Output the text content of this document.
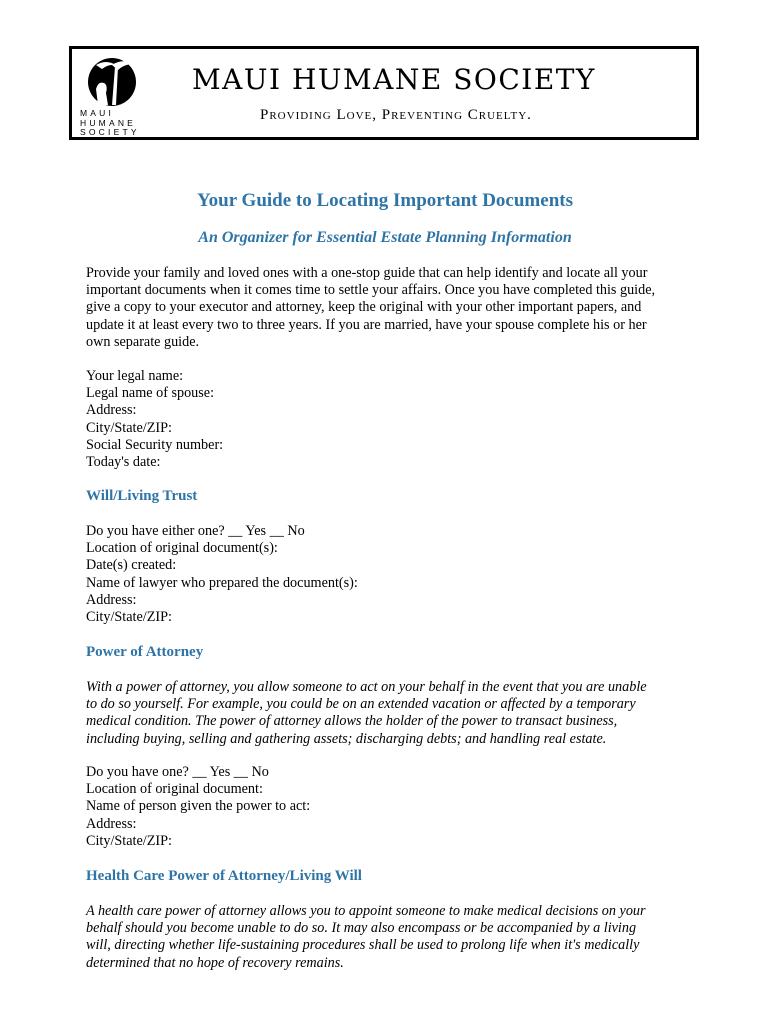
MAUI
HUMANE
SOCIETY
MAUI HUMANE SOCIETY
Providing Love, Preventing Cruelty.
Your Guide to Locating Important Documents
An Organizer for Essential Estate Planning Information
Provide your family and loved ones with a one-stop guide that can help identify and locate all your
important documents when it comes time to settle your affairs. Once you have completed this guide,
give a copy to your executor and attorney, keep the original with your other important papers, and
update it at least every two to three years. If you are married, have your spouse complete his or her
own separate guide.
Your legal name:
Legal name of spouse:
Address:
City/State/ZIP:
Social Security number:
Today's date:
Will/Living Trust
Do you have either one? __ Yes __ No
Location of original document(s):
Date(s) created:
Name of lawyer who prepared the document(s):
Address:
City/State/ZIP:
Power of Attorney
With a power of attorney, you allow someone to act on your behalf in the event that you are unable
to do so yourself. For example, you could be on an extended vacation or affected by a temporary
medical condition. The power of attorney allows the holder of the power to transact business,
including buying, selling and gathering assets; discharging debts; and handling real estate.
Do you have one? __ Yes __ No
Location of original document:
Name of person given the power to act:
Address:
City/State/ZIP:
Health Care Power of Attorney/Living Will
A health care power of attorney allows you to appoint someone to make medical decisions on your
behalf should you become unable to do so. It may also encompass or be accompanied by a living
will, directing whether life-sustaining procedures shall be used to prolong life when it's medically
determined that no hope of recovery remains.
